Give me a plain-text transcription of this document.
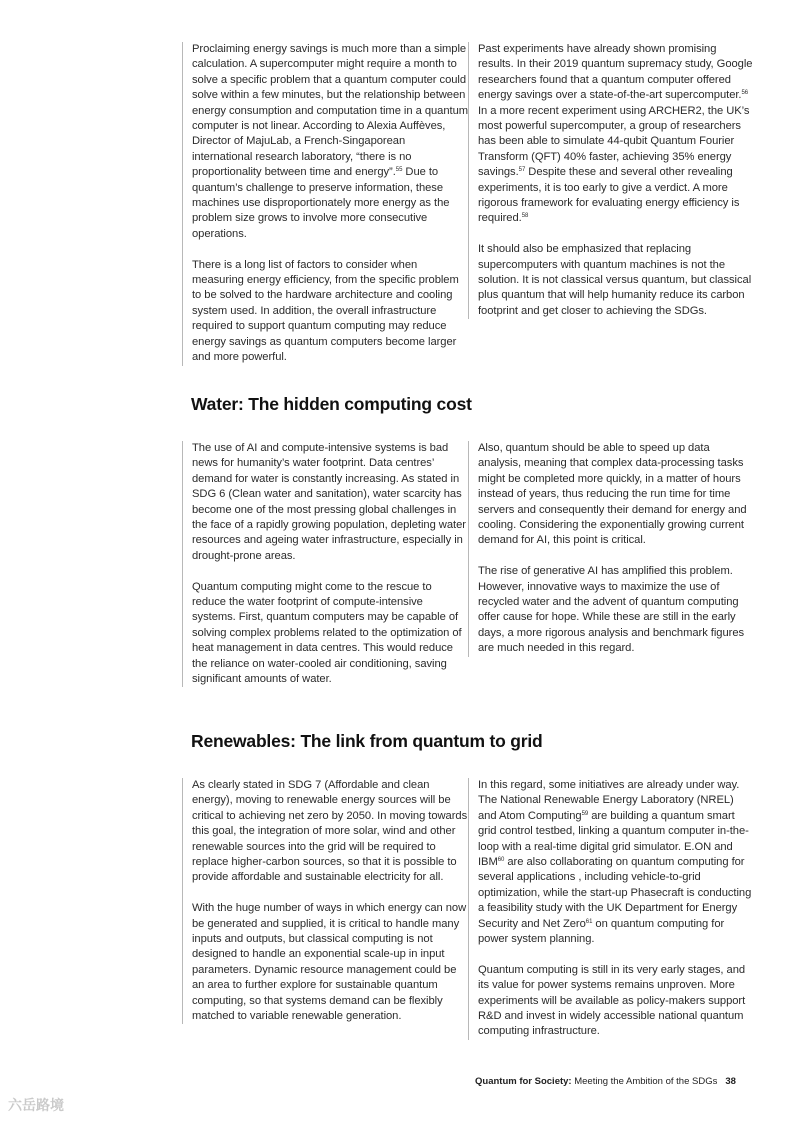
Proclaiming energy savings is much more than a simple calculation. A supercomputer might require a month to solve a specific problem that a quantum computer could solve within a few minutes, but the relationship between energy consumption and computation time in a quantum computer is not linear. According to Alexia Auffèves, Director of MajuLab, a French-Singaporean international research laboratory, “there is no proportionality between time and energy”.$^{55}$ Due to quantum’s challenge to preserve information, these machines use disproportionately more energy as the problem size grows to involve more consecutive operations.

There is a long list of factors to consider when measuring energy efficiency, from the specific problem to be solved to the hardware architecture and cooling system used. In addition, the overall infrastructure required to support quantum computing may reduce energy savings as quantum computers become larger and more powerful.

Past experiments have already shown promising results. In their 2019 quantum supremacy study, Google researchers found that a quantum computer offered energy savings over a state-of-the-art supercomputer.$^{56}$ In a more recent experiment using ARCHER2, the UK’s most powerful supercomputer, a group of researchers has been able to simulate 44-qubit Quantum Fourier Transform (QFT) 40% faster, achieving 35% energy savings.$^{57}$ Despite these and several other revealing experiments, it is too early to give a verdict. A more rigorous framework for evaluating energy efficiency is required.$^{58}$

It should also be emphasized that replacing supercomputers with quantum machines is not the solution. It is not classical versus quantum, but classical plus quantum that will help humanity reduce its carbon footprint and get closer to achieving the SDGs.

Water: The hidden computing cost

The use of AI and compute-intensive systems is bad news for humanity’s water footprint. Data centres’ demand for water is constantly increasing. As stated in SDG 6 (Clean water and sanitation), water scarcity has become one of the most pressing global challenges in the face of a rapidly growing population, depleting water resources and ageing water infrastructure, especially in drought-prone areas.

Quantum computing might come to the rescue to reduce the water footprint of compute-intensive systems. First, quantum computers may be capable of solving complex problems related to the optimization of heat management in data centres. This would reduce the reliance on water-cooled air conditioning, saving significant amounts of water.

Also, quantum should be able to speed up data analysis, meaning that complex data-processing tasks might be completed more quickly, in a matter of hours instead of years, thus reducing the run time for time servers and consequently their demand for energy and cooling. Considering the exponentially growing current demand for AI, this point is critical.

The rise of generative AI has amplified this problem. However, innovative ways to maximize the use of recycled water and the advent of quantum computing offer cause for hope. While these are still in the early days, a more rigorous analysis and benchmark figures are much needed in this regard.

Renewables: The link from quantum to grid

As clearly stated in SDG 7 (Affordable and clean energy), moving to renewable energy sources will be critical to achieving net zero by 2050. In moving towards this goal, the integration of more solar, wind and other renewable sources into the grid will be required to replace higher-carbon sources, so that it is possible to provide affordable and sustainable electricity for all.

With the huge number of ways in which energy can now be generated and supplied, it is critical to handle many inputs and outputs, but classical computing is not designed to handle an exponential scale-up in input parameters. Dynamic resource management could be an area to further explore for sustainable quantum computing, so that systems demand can be flexibly matched to variable renewable generation.

In this regard, some initiatives are already under way. The National Renewable Energy Laboratory (NREL) and Atom Computing$^{59}$ are building a quantum smart grid control testbed, linking a quantum computer in-the-loop with a real-time digital grid simulator. E.ON and IBM$^{60}$ are also collaborating on quantum computing for several applications , including vehicle-to-grid optimization, while the start-up Phasecraft is conducting a feasibility study with the UK Department for Energy Security and Net Zero$^{61}$ on quantum computing for power system planning.

Quantum computing is still in its very early stages, and its value for power systems remains unproven. More experiments will be available as policy-makers support R&D and invest in widely accessible national quantum computing infrastructure.

Quantum for Society: Meeting the Ambition of the SDGs 38
六岳路境
